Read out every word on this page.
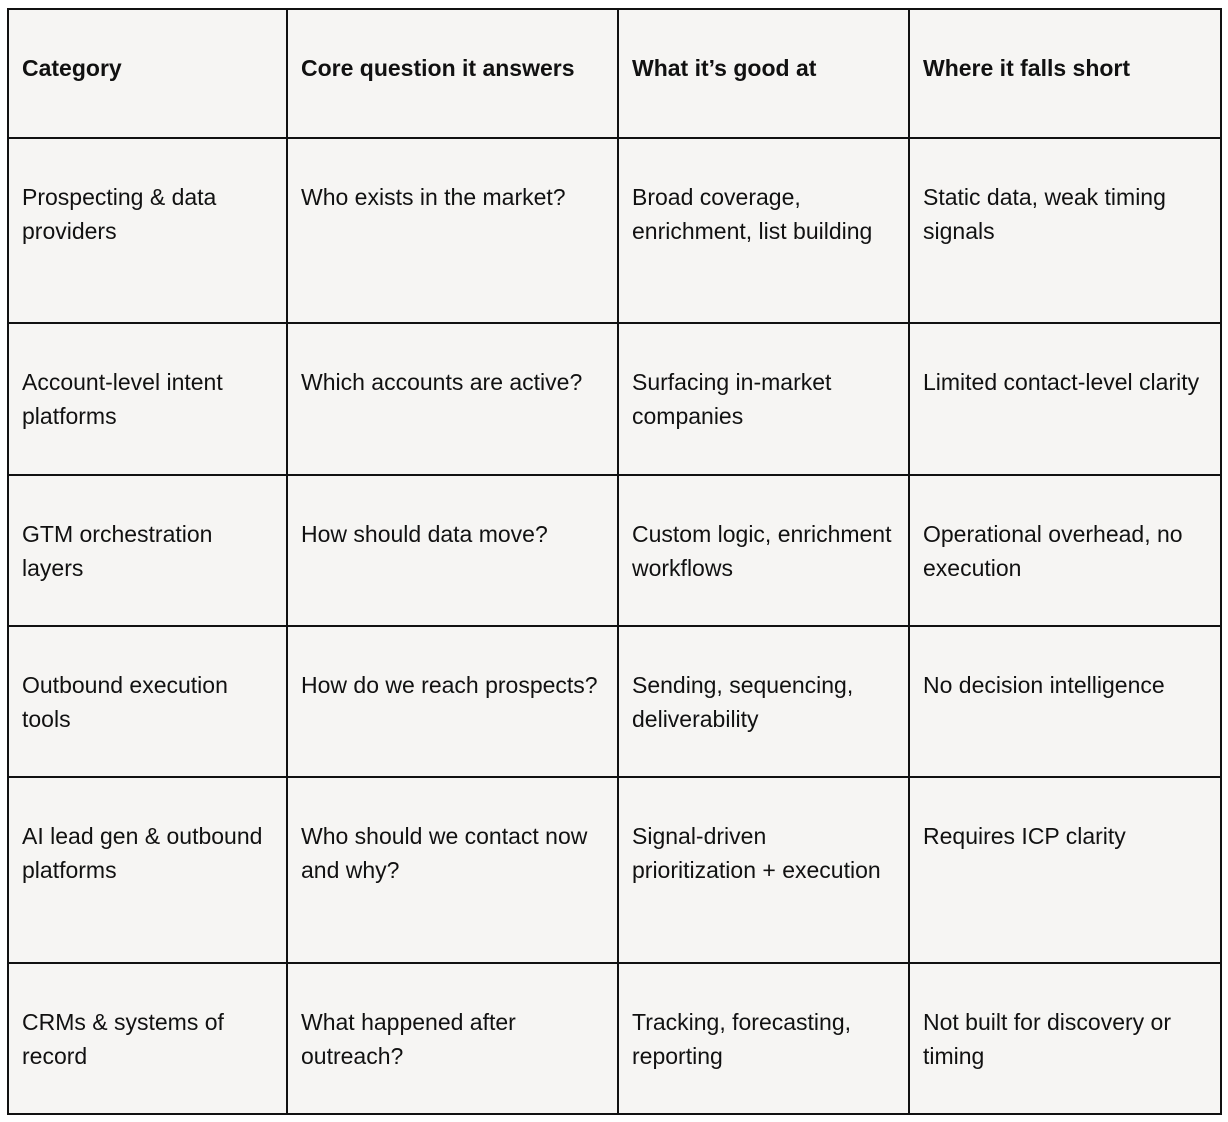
Category	Core question it answers	What it’s good at	Where it falls short
Prospecting & data providers	Who exists in the market?	Broad coverage, enrichment, list building	Static data, weak timing signals
Account-level intent platforms	Which accounts are active?	Surfacing in-market companies	Limited contact-level clarity
GTM orchestration layers	How should data move?	Custom logic, enrichment workflows	Operational overhead, no execution
Outbound execution tools	How do we reach prospects?	Sending, sequencing, deliverability	No decision intelligence
AI lead gen & outbound platforms	Who should we contact now and why?	Signal-driven prioritization + execution	Requires ICP clarity
CRMs & systems of record	What happened after outreach?	Tracking, forecasting, reporting	Not built for discovery or timing
